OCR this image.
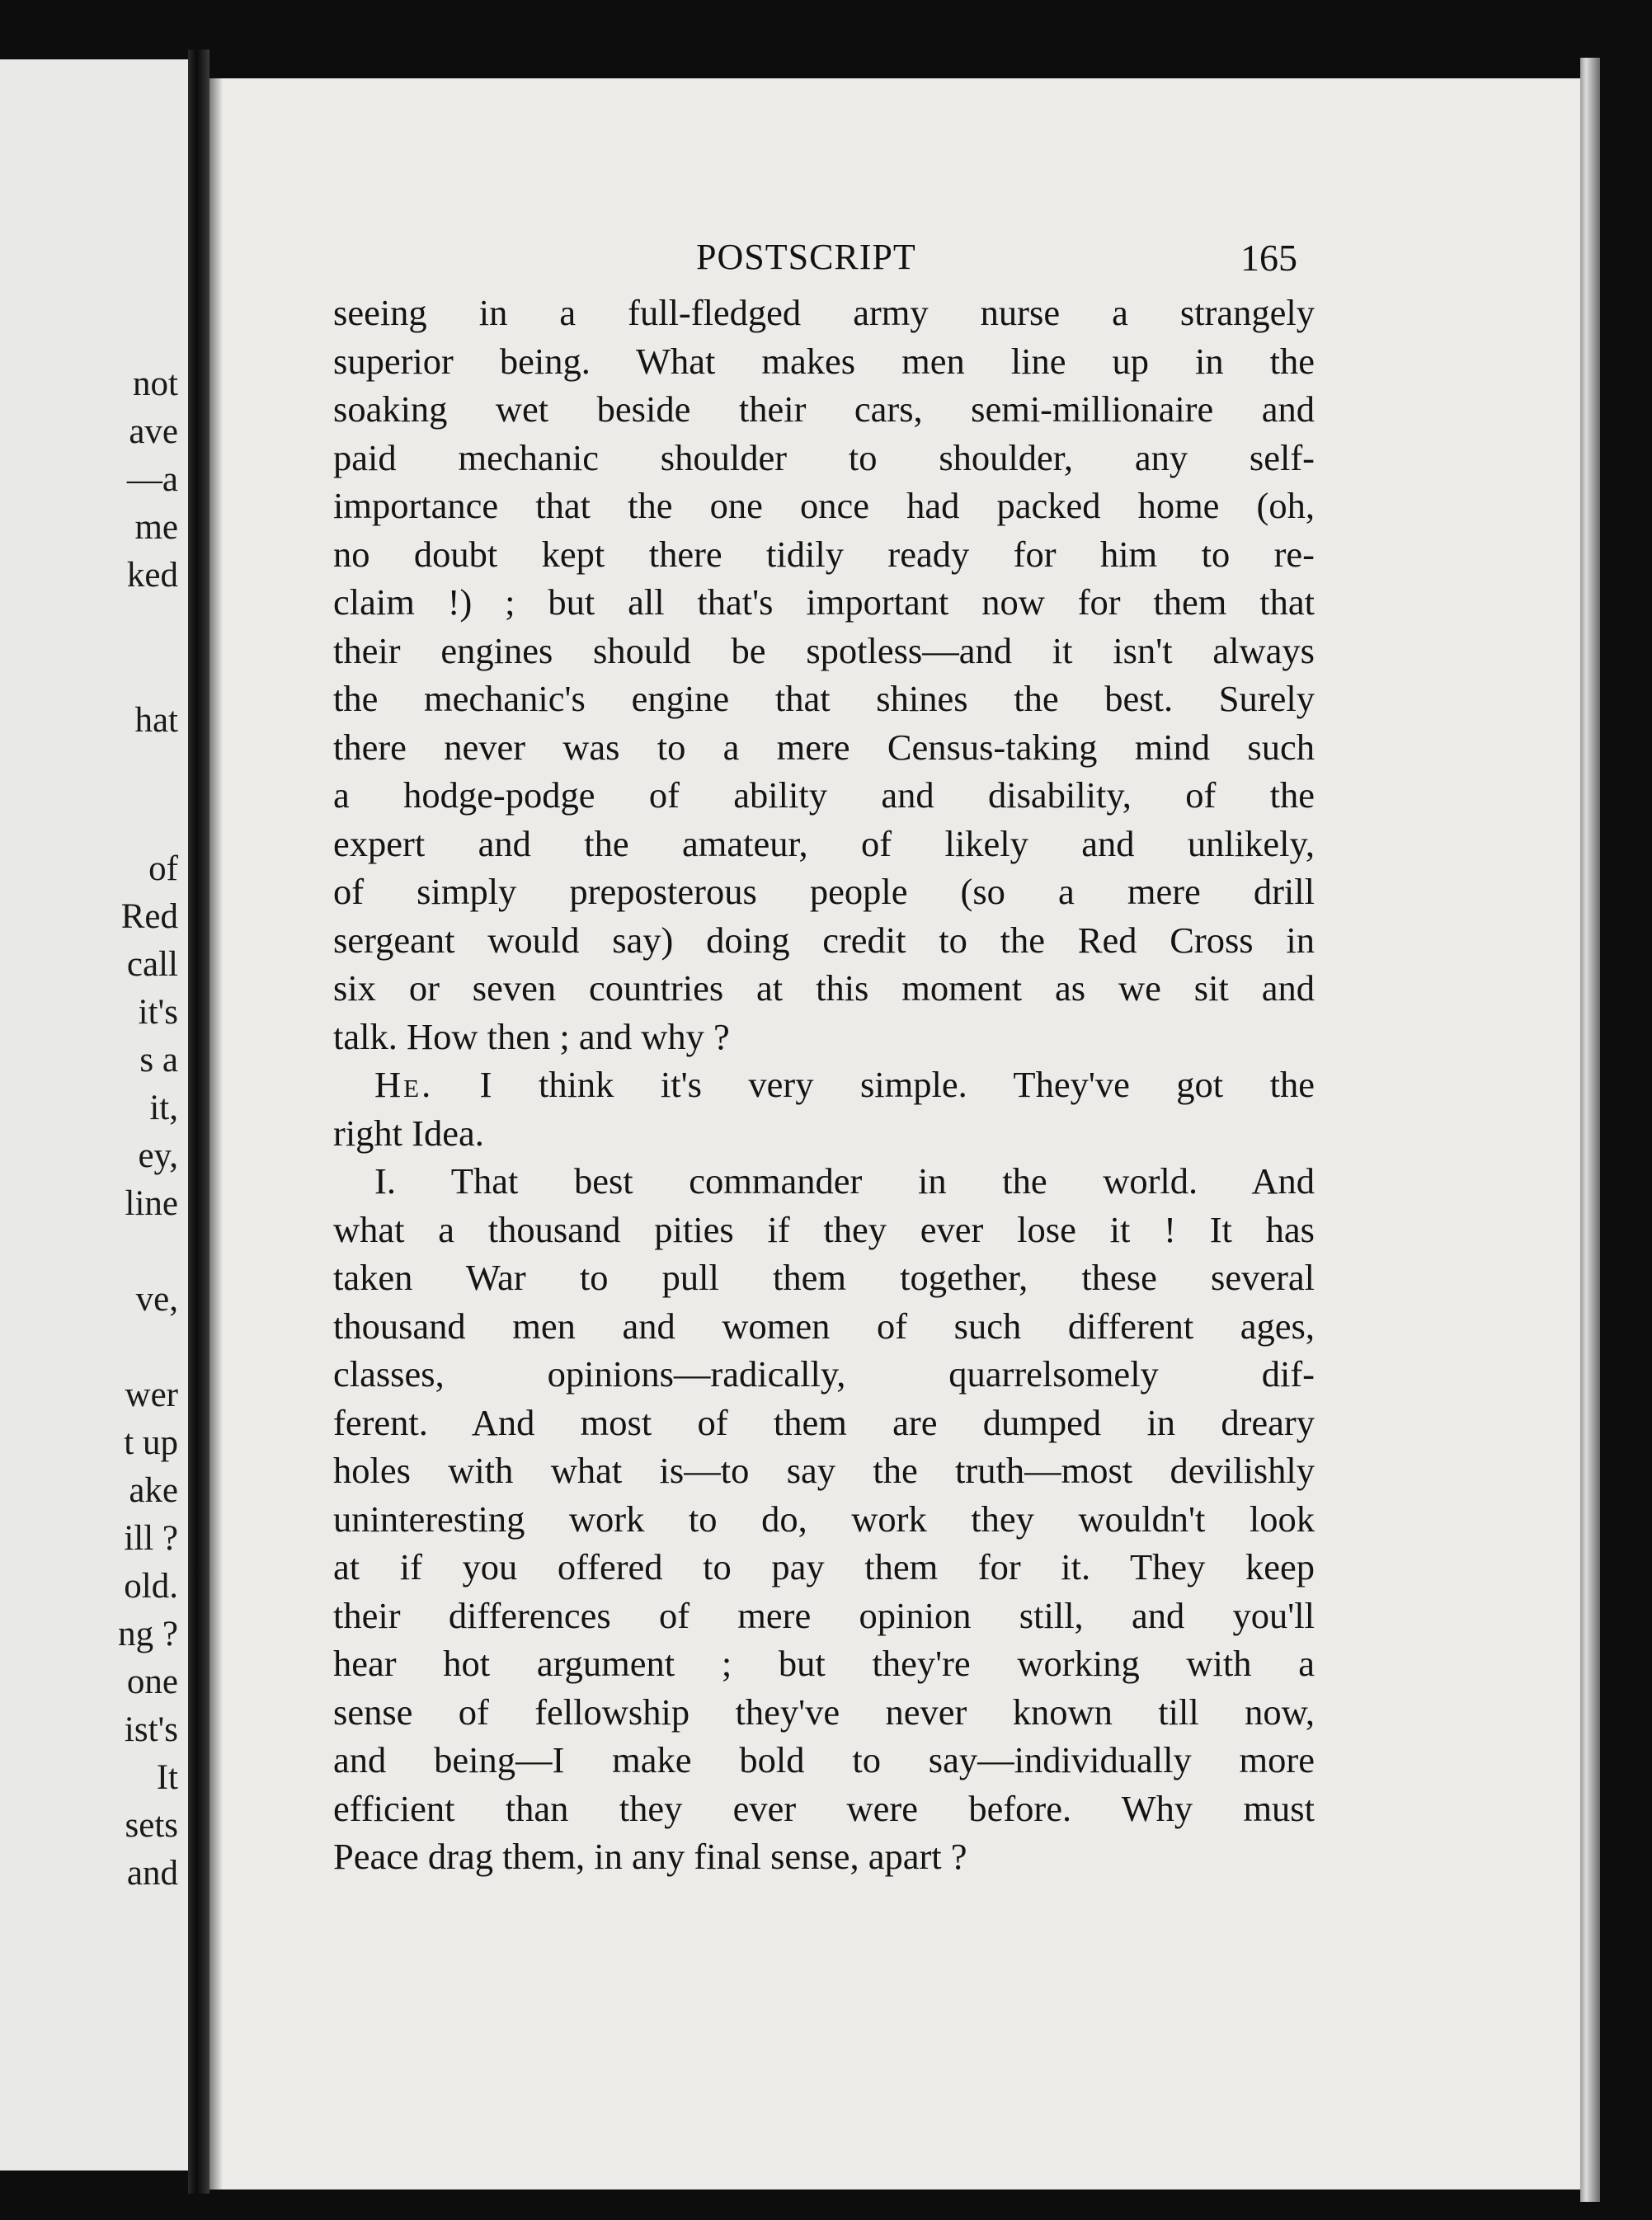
not
ave
—a
me
ked
hat
of
Red
call
it's
s a
it,
ey,
line
ve,
wer
t up
ake
ill ?
old.
ng ?
one
ist's
It
sets
and
POSTSCRIPT	165
seeing in a full-fledged army nurse a strangely
superior being. What makes men line up in the
soaking wet beside their cars, semi-millionaire and
paid mechanic shoulder to shoulder, any self-
importance that the one once had packed home (oh,
no doubt kept there tidily ready for him to re-
claim !) ; but all that's important now for them that
their engines should be spotless—and it isn't always
the mechanic's engine that shines the best. Surely
there never was to a mere Census-taking mind such
a hodge-podge of ability and disability, of the
expert and the amateur, of likely and unlikely,
of simply preposterous people (so a mere drill
sergeant would say) doing credit to the Red Cross in
six or seven countries at this moment as we sit and
talk. How then ; and why ?
He. I think it's very simple. They've got the
right Idea.
I. That best commander in the world. And
what a thousand pities if they ever lose it ! It has
taken War to pull them together, these several
thousand men and women of such different ages,
classes, opinions—radically, quarrelsomely dif-
ferent. And most of them are dumped in dreary
holes with what is—to say the truth—most devilishly
uninteresting work to do, work they wouldn't look
at if you offered to pay them for it. They keep
their differences of mere opinion still, and you'll
hear hot argument ; but they're working with a
sense of fellowship they've never known till now,
and being—I make bold to say—individually more
efficient than they ever were before. Why must
Peace drag them, in any final sense, apart ?
